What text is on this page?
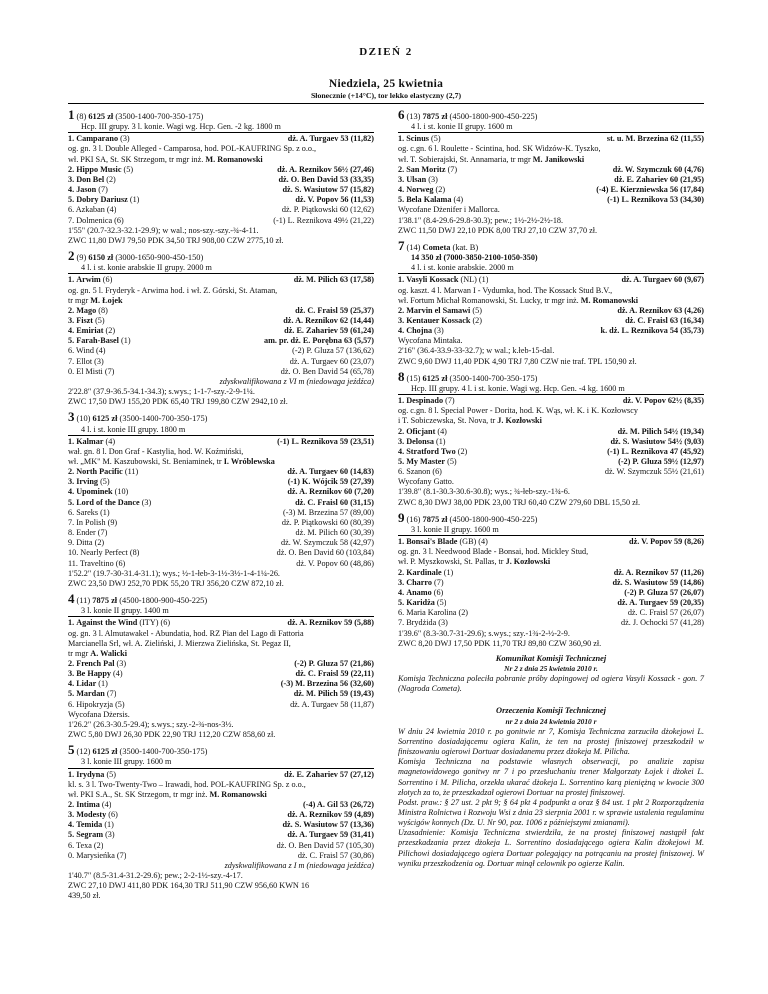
DZIEŃ 2
Niedziela, 25 kwietnia
Słonecznie (+14°C), tor lekko elastyczny (2,7)
1 (8) 6125 zł (3500-1400-700-350-175)
Hcp. III grupy. 3 l. konie. Wagi wg. Hcp. Gen. -2 kg. 1800 m
1. Camparano (3)	dż. A. Turgaev 53 (11,82)
og. gn. 3 l. Double Alleged - Camparosa, hod. POL-KAUFRING Sp. z o.o.,
wł. PKI SA, St. SK Strzegom, tr mgr inż. M. Romanowski
2. Hippo Music (5)	dż. A. Reznikov 56½ (27,46)
3. Don Bel (2)	dż. O. Ben David 53 (33,35)
4. Jason (7)	dż. S. Wasiutow 57 (15,82)
5. Dobry Dariusz (1)	dż. V. Popov 56 (11,53)
6. Azkaban (4)	dż. P. Piątkowski 60 (12,62)
7. Dolmenica (6)	(-1) L. Reznikova 49½ (21,22)
1'55" (20.7-32.3-32.1-29.9); w wal.; nos-szy.-szy.-¾-4-11.
ZWC 11,80 DWJ 79,50 PDK 34,50 TRJ 908,00 CZW 2775,10 zł.
2 (9) 6150 zł (3000-1650-900-450-150)
4 l. i st. konie arabskie II grupy. 2000 m
1. Arwim (6)	dż. M. Pilich 63 (17,58)
og. gn. 5 l. Fryderyk - Arwima hod. i wł. Z. Górski, St. Ataman,
tr mgr M. Łojek
2. Mago (8)	dż. C. Fraisl 59 (25,37)
3. Fiszt (5)	dż. A. Reznikov 62 (14,44)
4. Emiriat (2)	dż. E. Zahariev 59 (61,24)
5. Farah-Basel (1)	am. pr. dż. E. Porębna 63 (5,57)
6. Wind (4)	(-2) P. Gluza 57 (136,62)
7. Ellot (3)	dż. A. Turgaev 60 (23,07)
0. El Misti (7)	dż. O. Ben David 54 (65,78)
zdyskwalifikowana z VI m (niedowaga jeźdźca)
2'22.8" (37.9-36.5-34.1-34.3); s.wys.; 1-1-7-szy.-2-9-1¼.
ZWC 17,50 DWJ 155,20 PDK 65,40 TRJ 199,80 CZW 2942,10 zł.
3 (10) 6125 zł (3500-1400-700-350-175)
4 l. i st. konie III grupy. 1800 m
1. Kalmar (4)	(-1) L. Reznikova 59 (23,51)
wał. gn. 8 l. Don Graf - Kastylia, hod. W. Koźmiński,
wł. „MK" M. Kaszubowski, St. Beniaminek, tr I. Wróblewska
2. North Pacific (11)	dż. A. Turgaev 60 (14,83)
3. Irving (5)	(-1) K. Wójcik 59 (27,39)
4. Upominek (10)	dż. A. Reznikov 60 (7,20)
5. Lord of the Dance (3)	dż. C. Fraisl 60 (31,15)
6. Sareks (1)	(-3) M. Brzezina 57 (89,00)
7. In Polish (9)	dż. P. Piątkowski 60 (80,39)
8. Ender (7)	dż. M. Pilich 60 (30,39)
9. Ditta (2)	dż. W. Szymczuk 58 (42,97)
10. Nearly Perfect (8)	dż. O. Ben David 60 (103,84)
11. Traveltino (6)	dż. V. Popov 60 (48,86)
1'52.2" (19.7-30-31.4-31.1); wys.; ½-1-łeb-3-1½-3½-1-4-1¼-26.
ZWC 23,50 DWJ 252,70 PDK 55,20 TRJ 356,20 CZW 872,10 zł.
4 (11) 7875 zł (4500-1800-900-450-225)
3 l. konie II grupy. 1400 m
1. Against the Wind (ITY) (6)	dż. A. Reznikov 59 (5,88)
og. gn. 3 l. Almutawakel - Abundatia, hod. RZ Pian del Lago di Fattoria
Marcianella Srl, wł. A. Zieliński, J. Mierzwa Zielińska, St. Pegaz II,
tr mgr A. Walicki
2. French Pal (3)	(-2) P. Gluza 57 (21,86)
3. Be Happy (4)	dż. C. Fraisl 59 (22,11)
4. Lidar (1)	(-3) M. Brzezina 56 (32,60)
5. Mardan (7)	dż. M. Pilich 59 (19,43)
6. Hipokryzja (5)	dż. A. Turgaev 58 (11,87)
Wycofana Dżersis.
1'26.2" (26.3-30.5-29.4); s.wys.; szy.-2-¾-nos-3½.
ZWC 5,80 DWJ 26,30 PDK 22,90 TRJ 112,20 CZW 858,60 zł.
5 (12) 6125 zł (3500-1400-700-350-175)
3 l. konie III grupy. 1600 m
1. Irydyna (5)	dż. E. Zahariev 57 (27,12)
kl. s. 3 l. Two-Twenty-Two – Irawadi, hod. POL-KAUFRING Sp. z o.o.,
wł. PKI S.A., St. SK Strzegom, tr mgr inż. M. Romanowski
2. Intima (4)	(-4) A. Gil 53 (26,72)
3. Modesty (6)	dż. A. Reznikov 59 (4,89)
4. Temida (1)	dż. S. Wasiutow 57 (13,36)
5. Segram (3)	dż. A. Turgaev 59 (31,41)
6. Texa (2)	dż. O. Ben David 57 (105,30)
0. Marysieńka (7)	dż. C. Fraisl 57 (30,86)
zdyskwalifikowana z I m (niedowaga jeźdźca)
1'40.7" (8.5-31.4-31.2-29.6); pew.; 2-2-1½-szy.-4-17.
ZWC 27,10 DWJ 411,80 PDK 164,30 TRJ 511,90 CZW 956,60 KWN 16
439,50 zł.
6 (13) 7875 zł (4500-1800-900-450-225)
4 l. i st. konie II grupy. 1600 m
1. Scinus (5)	st. u. M. Brzezina 62 (11,55)
og. c.gn. 6 l. Roulette - Scintina, hod. SK Widzów-K. Tyszko,
wł. T. Sobierajski, St. Annamaria, tr mgr M. Janikowski
2. San Moritz (7)	dż. W. Szymczuk 60 (4,76)
3. Ulsan (3)	dż. E. Zahariev 60 (21,95)
4. Norweg (2)	(-4) E. Kierzniewska 56 (17,84)
5. Bela Kalama (4)	(-1) L. Reznikova 53 (34,30)
Wycofane Dżenifer i Mallorca.
1'38.1" (8.4-29.6-29.8-30.3); pew.; 1½-2½-2½-18.
ZWC 11,50 DWJ 22,10 PDK 8,00 TRJ 27,10 CZW 37,70 zł.
7 (14) Cometa (kat. B)
14 350 zł (7000-3850-2100-1050-350)
4 l. i st. konie arabskie. 2000 m
1. Vasyli Kossack (NL) (1)	dż. A. Turgaev 60 (9,67)
og. kaszt. 4 l. Marwan I - Vydumka, hod. The Kossack Stud B.V.,
wł. Fortum Michał Romanowski, St. Lucky, tr mgr inż. M. Romanowski
2. Marvin el Samawi (5)	dż. A. Reznikov 63 (4,26)
3. Kentauer Kossack (2)	dż. C. Fraisl 63 (16,34)
4. Chojna (3)	k. dż. L. Reznikova 54 (35,73)
Wycofana Mintaka.
2'16" (36.4-33.9-33-32.7); w wal.; k.łeb-15-dal.
ZWC 9,60 DWJ 11,40 PDK 4,90 TRJ 7,80 CZW nie traf. TPL 150,90 zł.
8 (15) 6125 zł (3500-1400-700-350-175)
Hcp. III grupy. 4 l. i st. konie. Wagi wg. Hcp. Gen. -4 kg. 1600 m
1. Despinado (7)	dż. V. Popov 62½ (8,35)
og. c.gn. 8 l. Special Power - Dorita, hod. K. Wąs, wł. K. i K. Kozłowscy
i T. Sobiczewska, St. Nova, tr J. Kozłowski
2. Oficjant (4)	dż. M. Pilich 54½ (19,34)
3. Delonsa (1)	dż. S. Wasiutow 54½ (9,03)
4. Stratford Two (2)	(-1) L. Reznikova 47 (45,92)
5. My Master (5)	(-2) P. Gluza 59½ (12,97)
6. Szanon (6)	dż. W. Szymczuk 55½ (21,61)
Wycofany Gatto.
1'39.8" (8.1-30.3-30.6-30.8); wys.; ¾-łeb-szy.-1¾-6.
ZWC 8,30 DWJ 38,00 PDK 23,00 TRJ 60,40 CZW 279,60 DBL 15,50 zł.
9 (16) 7875 zł (4500-1800-900-450-225)
3 l. konie II grupy. 1600 m
1. Bonsai's Blade (GB) (4)	dż. V. Popov 59 (8,26)
og. gn. 3 l. Needwood Blade - Bonsai, hod. Mickley Stud,
wł. P. Myszkowski, St. Pallas, tr J. Kozłowski
2. Kardinale (1)	dż. A. Reznikov 57 (11,26)
3. Charro (7)	dż. S. Wasiutow 59 (14,86)
4. Anamo (6)	(-2) P. Gluza 57 (26,07)
5. Karidża (5)	dż. A. Turgaev 59 (20,35)
6. Maria Karolina (2)	dż. C. Fraisl 57 (26,07)
7. Brydżida (3)	dż. J. Ochocki 57 (41,28)
1'39.6" (8.3-30.7-31-29.6); s.wys.; szy.-1¾-2-½-2-9.
ZWC 8,20 DWJ 17,50 PDK 11,70 TRJ 89,80 CZW 360,90 zł.
Komunikat Komisji Technicznej
Nr 2 z dnia 25 kwietnia 2010 r.

Komisja Techniczna poleciła pobranie próby dopingowej od ogiera Vasyli Kossack - gon. 7 (Nagroda Cometa).

Orzeczenia Komisji Technicznej
nr 2 z dnia 24 kwietnia 2010 r

W dniu 24 kwietnia 2010 r. po gonitwie nr 7, Komisja Techniczna zarzuciła dżokejowi L. Sorrentino dosiadającemu ogiera Kalin, że ten na prostej finiszowej przeszkodził w finiszowaniu ogierowi Dortuar dosiadanemu przez dżokeja M. Pilicha.

Komisja Techniczna na podstawie własnych obserwacji, po analizie zapisu magnetowidowego gonitwy nr 7 i po przesłuchaniu trener Małgorzaty Łojek i dżokei L. Sorrentino i M. Pilicha, orzekła ukarać dżokeja L. Sorrentino karą pieniężną w kwocie 300 złotych za to, że przeszkadzał ogierowi Dortuar na prostej finiszowej.

Podst. praw.: § 27 ust. 2 pkt 9; § 64 pkt 4 podpunkt a oraz § 84 ust. 1 pkt 2 Rozporządzenia Ministra Rolnictwa i Rozwoju Wsi z dnia 23 sierpnia 2001 r. w sprawie ustalenia regulaminu wyścigów konnych (Dz. U. Nr 90, poz. 1006 z późniejszymi zmianami).

Uzasadnienie: Komisja Techniczna stwierdziła, że na prostej finiszowej nastąpił fakt przeszkadzania przez dżokeja L. Sorrentino dosiadającego ogiera Kalin dżokejowi M. Pilichowi dosiadającego ogiera Dortuar polegający na potrącaniu na prostej finiszowej. W wyniku przeszkodzenia og. Dortuar minął celownik po ogierze Kalin.
